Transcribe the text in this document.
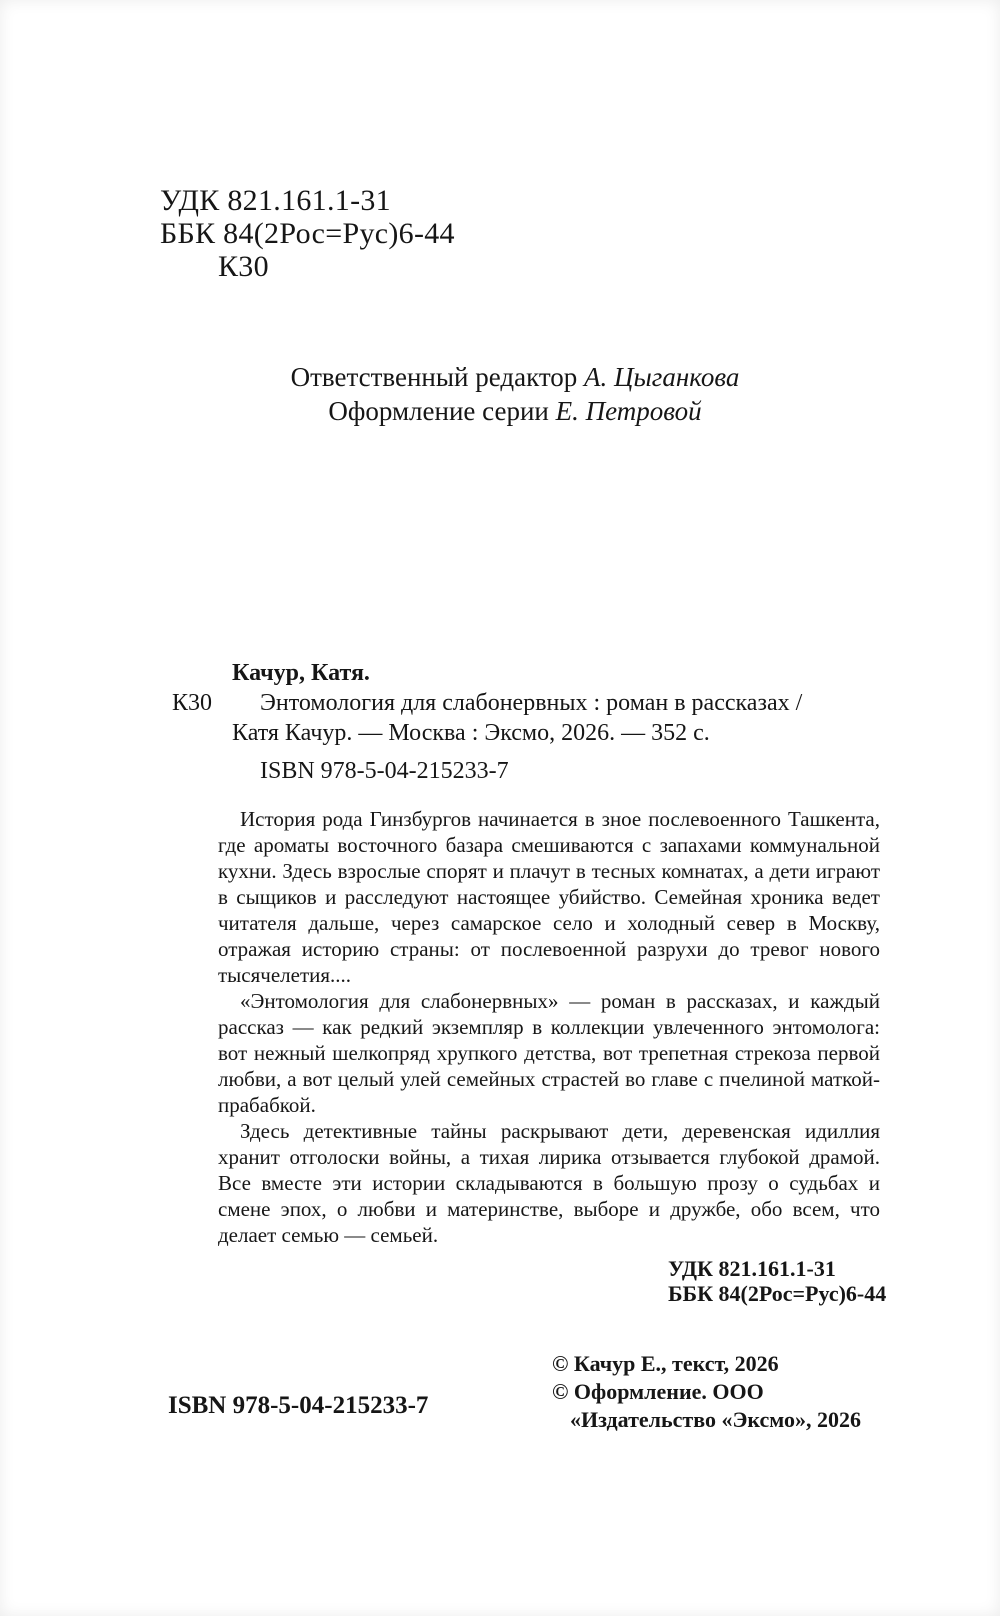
УДК 821.161.1-31
ББК 84(2Рос=Рус)6-44
К30
Ответственный редактор А. Цыганкова
Оформление серии Е. Петровой
К30
Качур, Катя.
Энтомология для слабонервных : роман в рассказах /
Катя Качур. — Москва : Эксмо, 2026. — 352 с.
ISBN 978-5-04-215233-7

История рода Гинзбургов начинается в зное послевоенного Ташкента, где ароматы восточного базара смешиваются с запахами коммунальной кухни. Здесь взрослые спорят и плачут в тесных комнатах, а дети играют в сыщиков и расследуют настоящее убийство. Семейная хроника ведет читателя дальше, через самарское село и холодный север в Москву, отражая историю страны: от послевоенной разрухи до тревог нового тысячелетия....

«Энтомология для слабонервных» — роман в рассказах, и каждый рассказ — как редкий экземпляр в коллекции увлеченного энтомолога: вот нежный шелкопряд хрупкого детства, вот трепетная стрекоза первой любви, а вот целый улей семейных страстей во главе с пчелиной маткой-прабабкой.

Здесь детективные тайны раскрывают дети, деревенская идиллия хранит отголоски войны, а тихая лирика отзывается глубокой драмой. Все вместе эти истории складываются в большую прозу о судьбах и смене эпох, о любви и материнстве, выборе и дружбе, обо всем, что делает семью — семьей.

УДК 821.161.1-31
ББК 84(2Рос=Рус)6-44
ISBN 978-5-04-215233-7
© Качур Е., текст, 2026
© Оформление. ООО «Издательство «Эксмо», 2026
